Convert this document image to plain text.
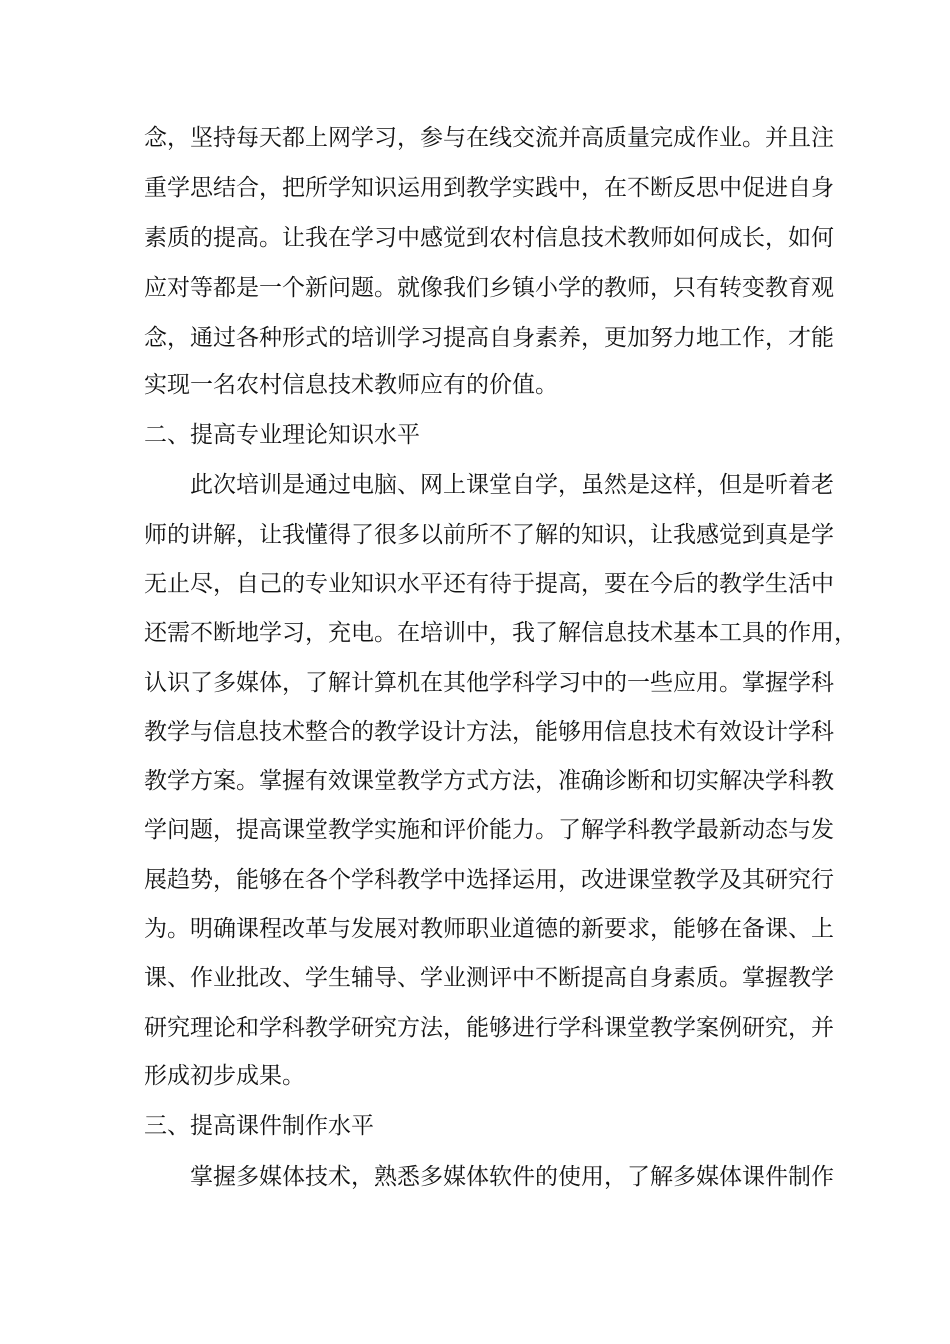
念，坚持每天都上网学习，参与在线交流并高质量完成作业。并且注
重学思结合，把所学知识运用到教学实践中，在不断反思中促进自身
素质的提高。让我在学习中感觉到农村信息技术教师如何成长，如何
应对等都是一个新问题。就像我们乡镇小学的教师，只有转变教育观
念，通过各种形式的培训学习提高自身素养，更加努力地工作，才能
实现一名农村信息技术教师应有的价值。
二、提高专业理论知识水平
此次培训是通过电脑、网上课堂自学，虽然是这样，但是听着老
师的讲解，让我懂得了很多以前所不了解的知识，让我感觉到真是学
无止尽，自己的专业知识水平还有待于提高，要在今后的教学生活中
还需不断地学习，充电。在培训中，我了解信息技术基本工具的作用，
认识了多媒体，了解计算机在其他学科学习中的一些应用。掌握学科
教学与信息技术整合的教学设计方法，能够用信息技术有效设计学科
教学方案。掌握有效课堂教学方式方法，准确诊断和切实解决学科教
学问题，提高课堂教学实施和评价能力。了解学科教学最新动态与发
展趋势，能够在各个学科教学中选择运用，改进课堂教学及其研究行
为。明确课程改革与发展对教师职业道德的新要求，能够在备课、上
课、作业批改、学生辅导、学业测评中不断提高自身素质。掌握教学
研究理论和学科教学研究方法，能够进行学科课堂教学案例研究，并
形成初步成果。
三、提高课件制作水平
掌握多媒体技术，熟悉多媒体软件的使用，了解多媒体课件制作
